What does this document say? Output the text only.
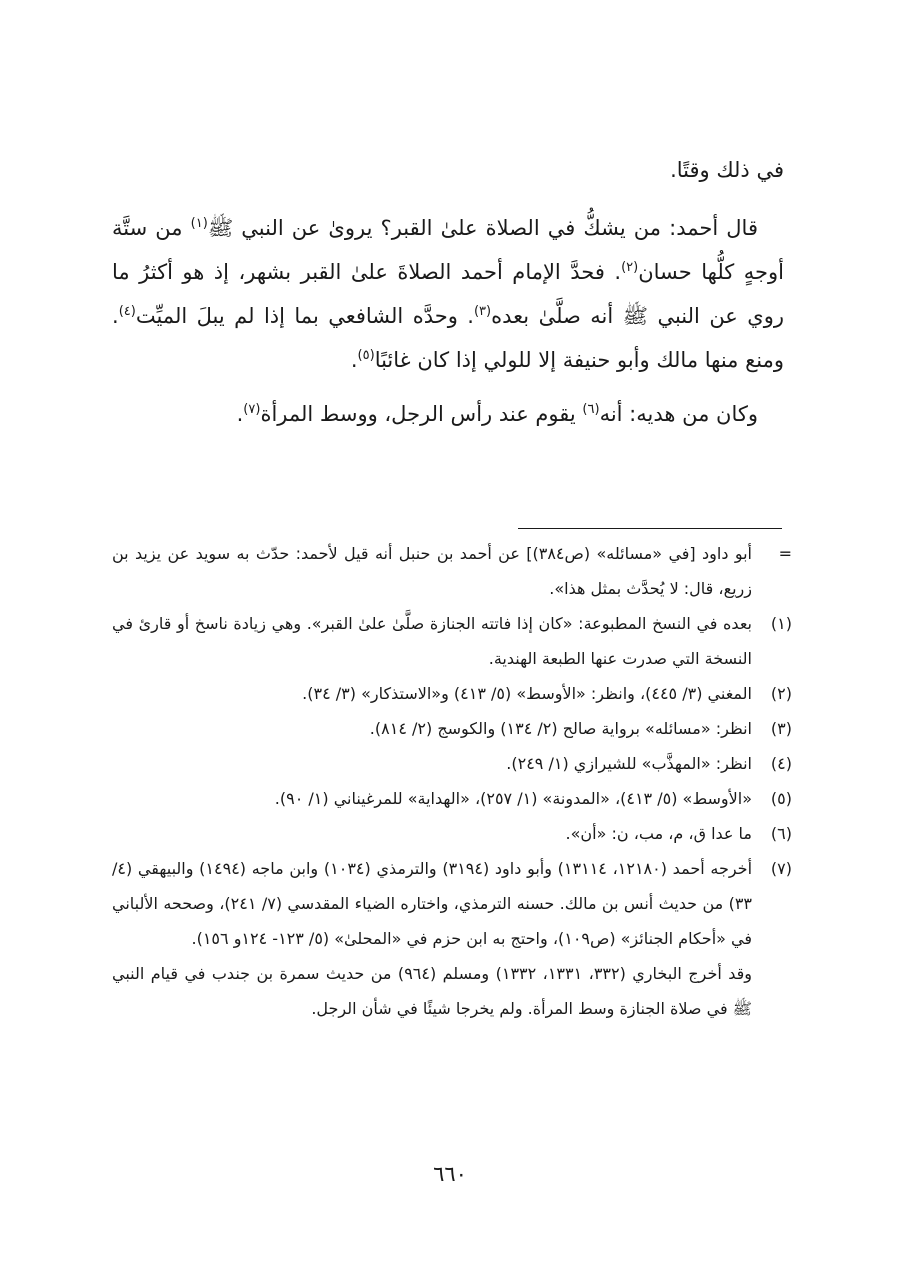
في ذلك وقتًا.

قال أحمد: من يشكُّ في الصلاة علىٰ القبر؟ يروىٰ عن النبي ﷺ$^{(١)}$ من ستَّة أوجهٍ كلُّها حسان$^{(٢)}$. فحدَّ الإمام أحمد الصلاةَ علىٰ القبر بشهر، إذ هو أكثرُ ما روي عن النبي ﷺ أنه صلَّىٰ بعده$^{(٣)}$. وحدَّه الشافعي بما إذا لم يبلَ الميِّت$^{(٤)}$. ومنع منها مالك وأبو حنيفة إلا للولي إذا كان غائبًا$^{(٥)}$.

وكان من هديه: أنه$^{(٦)}$ يقوم عند رأس الرجل، ووسط المرأة$^{(٧)}$.

=
أبو داود [في «مسائله» (ص٣٨٤)] عن أحمد بن حنبل أنه قيل لأحمد: حدّث به سويد عن يزيد بن زريع، قال: لا يُحدَّث بمثل هذا».
(١)
بعده في النسخ المطبوعة: «كان إذا فاتته الجنازة صلَّىٰ علىٰ القبر». وهي زيادة ناسخ أو قارئ في النسخة التي صدرت عنها الطبعة الهندية.
(٢)
المغني (٣/ ٤٤٥)، وانظر: «الأوسط» (٥/ ٤١٣) و«الاستذكار» (٣/ ٣٤).
(٣)
انظر: «مسائله» برواية صالح (٢/ ١٣٤) والكوسج (٢/ ٨١٤).
(٤)
انظر: «المهذَّب» للشيرازي (١/ ٢٤٩).
(٥)
«الأوسط» (٥/ ٤١٣)، «المدونة» (١/ ٢٥٧)، «الهداية» للمرغيناني (١/ ٩٠).
(٦)
ما عدا ق، م، مب، ن: «أن».
(٧)
أخرجه أحمد (١٢١٨٠، ١٣١١٤) وأبو داود (٣١٩٤) والترمذي (١٠٣٤) وابن ماجه (١٤٩٤) والبيهقي (٤/ ٣٣) من حديث أنس بن مالك. حسنه الترمذي، واختاره الضياء المقدسي (٧/ ٢٤١)، وصححه الألباني في «أحكام الجنائز» (ص١٠٩)، واحتج به ابن حزم في «المحلىٰ» (٥/ ١٢٣- ١٢٤و ١٥٦).
وقد أخرج البخاري (٣٣٢، ١٣٣١، ١٣٣٢) ومسلم (٩٦٤) من حديث سمرة بن جندب في قيام النبي ﷺ في صلاة الجنازة وسط المرأة. ولم يخرجا شيئًا في شأن الرجل.
٦٦٠
